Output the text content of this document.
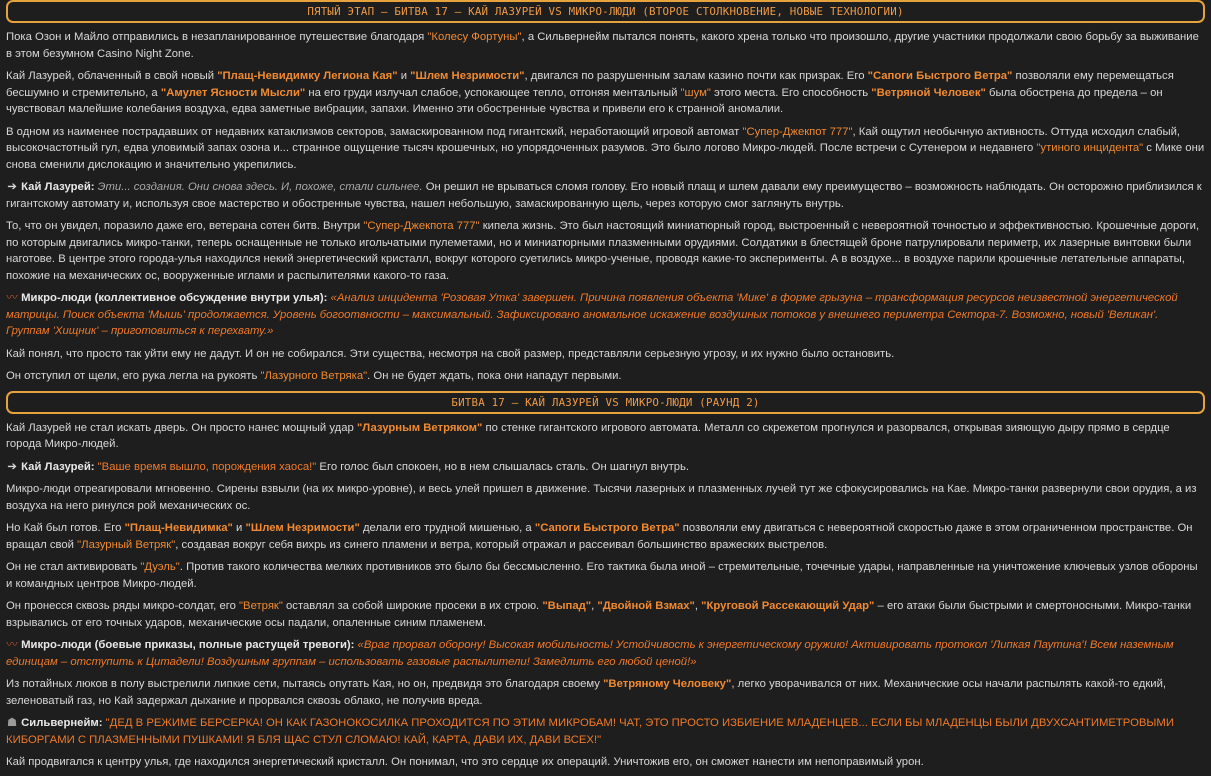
ПЯТЫЙ ЭТАП – БИТВА 17 – КАЙ ЛАЗУРЕЙ VS МИКРО-ЛЮДИ (ВТОРОЕ СТОЛКНОВЕНИЕ, НОВЫЕ ТЕХНОЛОГИИ)

Пока Озон и Майло отправились в незапланированное путешествие благодаря "Колесу Фортуны", а Сильвернейм пытался понять, какого хрена только что произошло, другие участники продолжали свою борьбу за выживание в этом безумном Casino Night Zone.

Кай Лазурей, облаченный в свой новый "Плащ-Невидимку Легиона Кая" и "Шлем Незримости", двигался по разрушенным залам казино почти как призрак. Его "Сапоги Быстрого Ветра" позволяли ему перемещаться бесшумно и стремительно, а "Амулет Ясности Мысли" на его груди излучал слабое, успокающее тепло, отгоняя ментальный "шум" этого места. Его способность "Ветряной Человек" была обострена до предела – он чувствовал малейшие колебания воздуха, едва заметные вибрации, запахи. Именно эти обостренные чувства и привели его к странной аномалии.

В одном из наименее пострадавших от недавних катаклизмов секторов, замаскированном под гигантский, неработающий игровой автомат "Супер-Джекпот 777", Кай ощутил необычную активность. Оттуда исходил слабый, высокочастотный гул, едва уловимый запах озона и... странное ощущение тысяч крошечных, но упорядоченных разумов. Это было логово Микро-людей. После встречи с Сутенером и недавнего "утиного инцидента" с Мике они снова сменили дислокацию и значительно укрепились.

➔ Кай Лазурей: Эти... создания. Они снова здесь. И, похоже, стали сильнее. Он решил не врываться сломя голову. Его новый плащ и шлем давали ему преимущество – возможность наблюдать. Он осторожно приблизился к гигантскому автомату и, используя свое мастерство и обостренные чувства, нашел небольшую, замаскированную щель, через которую смог заглянуть внутрь.

То, что он увидел, поразило даже его, ветерана сотен битв. Внутри "Супер-Джекпота 777" кипела жизнь. Это был настоящий миниатюрный город, выстроенный с невероятной точностью и эффективностью. Крошечные дороги, по которым двигались микро-танки, теперь оснащенные не только игольчатыми пулеметами, но и миниатюрными плазменными орудиями. Солдатики в блестящей броне патрулировали периметр, их лазерные винтовки были наготове. В центре этого города-улья находился некий энергетический кристалл, вокруг которого суетились микро-ученые, проводя какие-то эксперименты. А в воздухе... в воздухе парили крошечные летательные аппараты, похожие на механических ос, вооруженные иглами и распылителями какого-то газа.

〰 Микро-люди (коллективное обсуждение внутри улья): «Анализ инцидента 'Розовая Утка' завершен. Причина появления объекта 'Мике' в форме грызуна – трансформация ресурсов неизвестной энергетической матрицы. Поиск объекта 'Мышь' продолжается. Уровень богоотвности – максимальный. Зафиксировано аномальное искажение воздушных потоков у внешнего периметра Сектора-7. Возможно, новый 'Великан'. Группам 'Хищник' – приготовиться к перехвату.»

Кай понял, что просто так уйти ему не дадут. И он не собирался. Эти существа, несмотря на свой размер, представляли серьезную угрозу, и их нужно было остановить.

Он отступил от щели, его рука легла на рукоять "Лазурного Ветряка". Он не будет ждать, пока они нападут первыми.

БИТВА 17 – КАЙ ЛАЗУРЕЙ VS МИКРО-ЛЮДИ (РАУНД 2)

Кай Лазурей не стал искать дверь. Он просто нанес мощный удар "Лазурным Ветряком" по стенке гигантского игрового автомата. Металл со скрежетом прогнулся и разорвался, открывая зияющую дыру прямо в сердце города Микро-людей.

➔ Кай Лазурей: "Ваше время вышло, порождения хаоса!" Его голос был спокоен, но в нем слышалась сталь. Он шагнул внутрь.

Микро-люди отреагировали мгновенно. Сирены взвыли (на их микро-уровне), и весь улей пришел в движение. Тысячи лазерных и плазменных лучей тут же сфокусировались на Кае. Микро-танки развернули свои орудия, а из воздуха на него ринулся рой механических ос.

Но Кай был готов. Его "Плащ-Невидимка" и "Шлем Незримости" делали его трудной мишенью, а "Сапоги Быстрого Ветра" позволяли ему двигаться с невероятной скоростью даже в этом ограниченном пространстве. Он вращал свой "Лазурный Ветряк", создавая вокруг себя вихрь из синего пламени и ветра, который отражал и рассеивал большинство вражеских выстрелов.

Он не стал активировать "Дуэль". Против такого количества мелких противников это было бы бессмысленно. Его тактика была иной – стремительные, точечные удары, направленные на уничтожение ключевых узлов обороны и командных центров Микро-людей.

Он пронесся сквозь ряды микро-солдат, его "Ветряк" оставлял за собой широкие просеки в их строю. "Выпад", "Двойной Взмах", "Круговой Рассекающий Удар" – его атаки были быстрыми и смертоносными. Микро-танки взрывались от его точных ударов, механические осы падали, опаленные синим пламенем.

〰 Микро-люди (боевые приказы, полные растущей тревоги): «Враг прорвал оборону! Высокая мобильность! Устойчивость к энергетическому оружию! Активировать протокол 'Липкая Паутина'! Всем наземным единицам – отступить к Цитадели! Воздушным группам – использовать газовые распылители! Замедлить его любой ценой!»

Из потайных люков в полу выстрелили липкие сети, пытаясь опутать Кая, но он, предвидя это благодаря своему "Ветряному Человеку", легко уворачивался от них. Механические осы начали распылять какой-то едкий, зеленоватый газ, но Кай задержал дыхание и прорвался сквозь облако, не получив вреда.

☗ Сильвернейм: "ДЕД В РЕЖИМЕ БЕРСЕРКА! ОН КАК ГАЗОНОКОСИЛКА ПРОХОДИТСЯ ПО ЭТИМ МИКРОБАМ! ЧАТ, ЭТО ПРОСТО ИЗБИЕНИЕ МЛАДЕНЦЕВ... ЕСЛИ БЫ МЛАДЕНЦЫ БЫЛИ ДВУХСАНТИМЕТРОВЫМИ КИБОРГАМИ С ПЛАЗМЕННЫМИ ПУШКАМИ! Я БЛЯ ЩАС СТУЛ СЛОМАЮ! КАЙ, КАРТА, ДАВИ ИХ, ДАВИ ВСЕХ!"

Кай продвигался к центру улья, где находился энергетический кристалл. Он понимал, что это сердце их операций. Уничтожив его, он сможет нанести им непоправимый урон.
